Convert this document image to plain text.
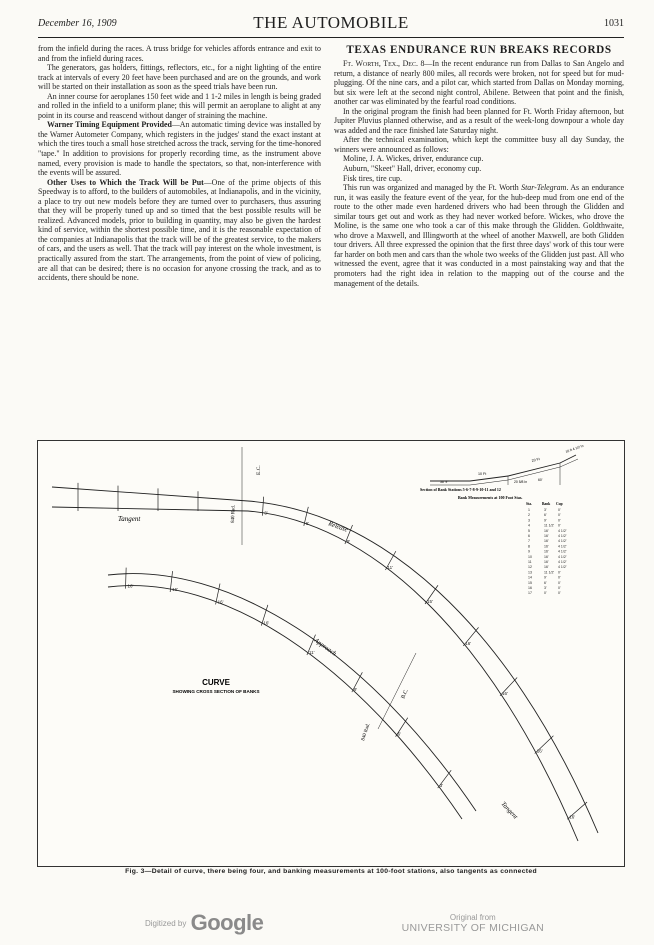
December 16, 1909	THE AUTOMOBILE	1031

from the infield during the races. A truss bridge for vehicles affords entrance and exit to and from the infield during races.

The generators, gas holders, fittings, reflectors, etc., for a night lighting of the entire track at intervals of every 20 feet have been purchased and are on the grounds, and work will be started on their installation as soon as the speed trials have been run.

An inner course for aeroplanes 150 feet wide and 1 1-2 miles in length is being graded and rolled in the infield to a uniform plane; this will permit an aeroplane to alight at any point in its course and reascend without danger of straining the machine.

Warner Timing Equipment Provided—An automatic timing device was installed by the Warner Autometer Company, which registers in the judges' stand the exact instant at which the tires touch a small hose stretched across the track, serving for the time-honored "tape." In addition to provisions for properly recording time, as the instrument above named, every provision is made to handle the spectators, so that, non-interference with the events will be assured.

Other Uses to Which the Track Will be Put—One of the prime objects of this Speedway is to afford, to the builders of automobiles, at Indianapolis, and in the vicinity, a place to try out new models before they are turned over to purchasers, thus assuring that they will be properly tuned up and so timed that the best possible results will be realized. Advanced models, prior to building in quantity, may also be given the hardest kind of service, within the shortest possible time, and it is the reasonable expectation of the companies at Indianapolis that the track will be of the greatest service, to the makers of cars, and the users as well. That the track will pay interest on the whole investment, is practically assured from the start. The arrangements, from the point of view of policing, are all that can be desired; there is no occasion for anyone crossing the track, and as to accidents, there should be none.

TEXAS ENDURANCE RUN BREAKS RECORDS

Ft. Worth, Tex., Dec. 8—In the recent endurance run from Dallas to San Angelo and return, a distance of nearly 800 miles, all records were broken, not for speed but for mud-plugging. Of the nine cars, and a pilot car, which started from Dallas on Monday morning, but six were left at the second night control, Abilene. Between that point and the finish, another car was eliminated by the fearful road conditions.

In the original program the finish had been planned for Ft. Worth Friday afternoon, but Jupiter Pluvius planned otherwise, and as a result of the week-long downpour a whole day was added and the race finished late Saturday night.

After the technical examination, which kept the committee busy all day Sunday, the winners were announced as follows:

Moline, J. A. Wickes, driver, endurance cup.

Auburn, "Skeet" Hall, driver, economy cup.

Fisk tires, tire cup.

This run was organized and managed by the Ft. Worth Star-Telegram. As an endurance run, it was easily the feature event of the year, for the hub-deep mud from one end of the route to the other made even hardened drivers who had been through the Glidden and similar tours get out and work as they had never worked before. Wickes, who drove the Moline, is the same one who took a car of this make through the Glidden. Goldthwaite, who drove a Maxwell, and Illingworth at the wheel of another Maxwell, are both Glidden tour drivers. All three expressed the opinion that the first three days' work of this tour were far harder on both men and cars than the whole two weeks of the Glidden just past. All who witnessed the event, agree that it was conducted in a most painstaking way and that the promoters had the right idea in relation to the mapping out of the course and the management of the details.

3'
6'
9'
11'
15'
16'
16'
16'
16'
16'
16'
16'
16'
11'
9'
6'
3'
Tangent
Release
Approach
Tangent
840 Rad.
840 Rad.
E.C.
B.C.
CURVE
SHOWING CROSS SECTION OF BANKS
20 Ft
10 Ft
16 ft 4 1/2 In
20 5/8 In
36' 9"	60'
Section of Bank Stations 5-6-7-8-9-10-11 and 12
Bank Measurements at 100 Foot Stas.
Sta.	Bank Cup
1	3'	0'
2	6'	0'
3	9'	0'
4	11 1/2' 0'
5	16'	4 1/2'
6	16'	4 1/2'
7	16'	4 1/2'
8	16'	4 1/2'
9	16'	4 1/2'
10	16'	4 1/2'
11	16'	4 1/2'
12	16'	4 1/2'
13	11 1/2' 0'
14	9'	0'
15	6'	0'
16	3'	0'
17	0'	0'
Fig. 3—Detail of curve, there being four, and banking measurements at 100-foot stations, also tangents as connected
Digitized by Google	Original from
UNIVERSITY OF MICHIGAN
